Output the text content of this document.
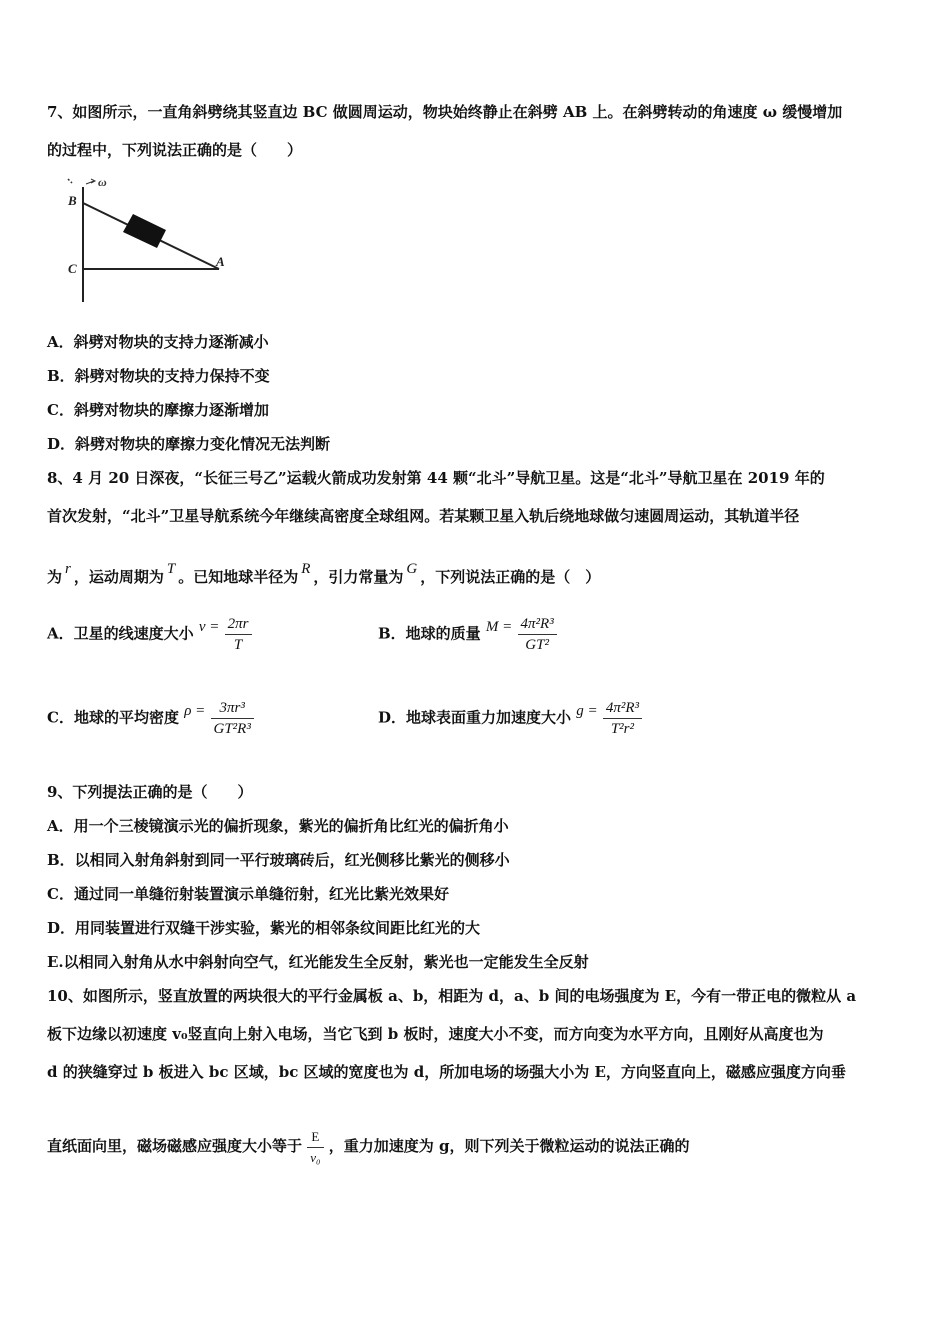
7、如图所示，一直角斜劈绕其竖直边 BC 做圆周运动，物块始终静止在斜劈 AB 上。在斜劈转动的角速度 ω 缓慢增加
的过程中，下列说法正确的是（　　）
ω
B
C	A
A．斜劈对物块的支持力逐渐减小
B．斜劈对物块的支持力保持不变
C．斜劈对物块的摩擦力逐渐增加
D．斜劈对物块的摩擦力变化情况无法判断
8、4 月 20 日深夜，“长征三号乙”运载火箭成功发射第 44 颗“北斗”导航卫星。这是“北斗”导航卫星在 2019 年的
首次发射，“北斗”卫星导航系统今年继续高密度全球组网。若某颗卫星入轨后绕地球做匀速圆周运动，其轨道半径
为 r ，运动周期为 T 。已知地球半径为 R ，引力常量为 G ，下列说法正确的是（　）
A．卫星的线速度大小 $v = \frac{2\pi r}{T}$	B．地球的质量 $M = \frac{\text{4π²R³}}{\text{GT²}}$
C．地球的平均密度 $\rho = \frac{\text{3πr³}}{\text{GT²R³}}$	D．地球表面重力加速度大小 $g = \frac{\text{4π²R³}}{\text{T²r²}}$
9、下列提法正确的是（　　）
A．用一个三棱镜演示光的偏折现象，紫光的偏折角比红光的偏折角小
B．以相同入射角斜射到同一平行玻璃砖后，红光侧移比紫光的侧移小
C．通过同一单缝衍射装置演示单缝衍射，红光比紫光效果好
D．用同装置进行双缝干涉实验，紫光的相邻条纹间距比红光的大
E.以相同入射角从水中斜射向空气，红光能发生全反射，紫光也一定能发生全反射
10、如图所示，竖直放置的两块很大的平行金属板 a、b，相距为 d，a、b 间的电场强度为 E，今有一带正电的微粒从 a
板下边缘以初速度 v₀竖直向上射入电场，当它飞到 b 板时，速度大小不变，而方向变为水平方向，且刚好从高度也为
d 的狭缝穿过 b 板进入 bc 区域，bc 区域的宽度也为 d，所加电场的场强大小为 E，方向竖直向上，磁感应强度方向垂
直纸面向里，磁场磁感应强度大小等于 $\frac{E}{\text{v₀}}$ ，重力加速度为 g，则下列关于微粒运动的说法正确的
